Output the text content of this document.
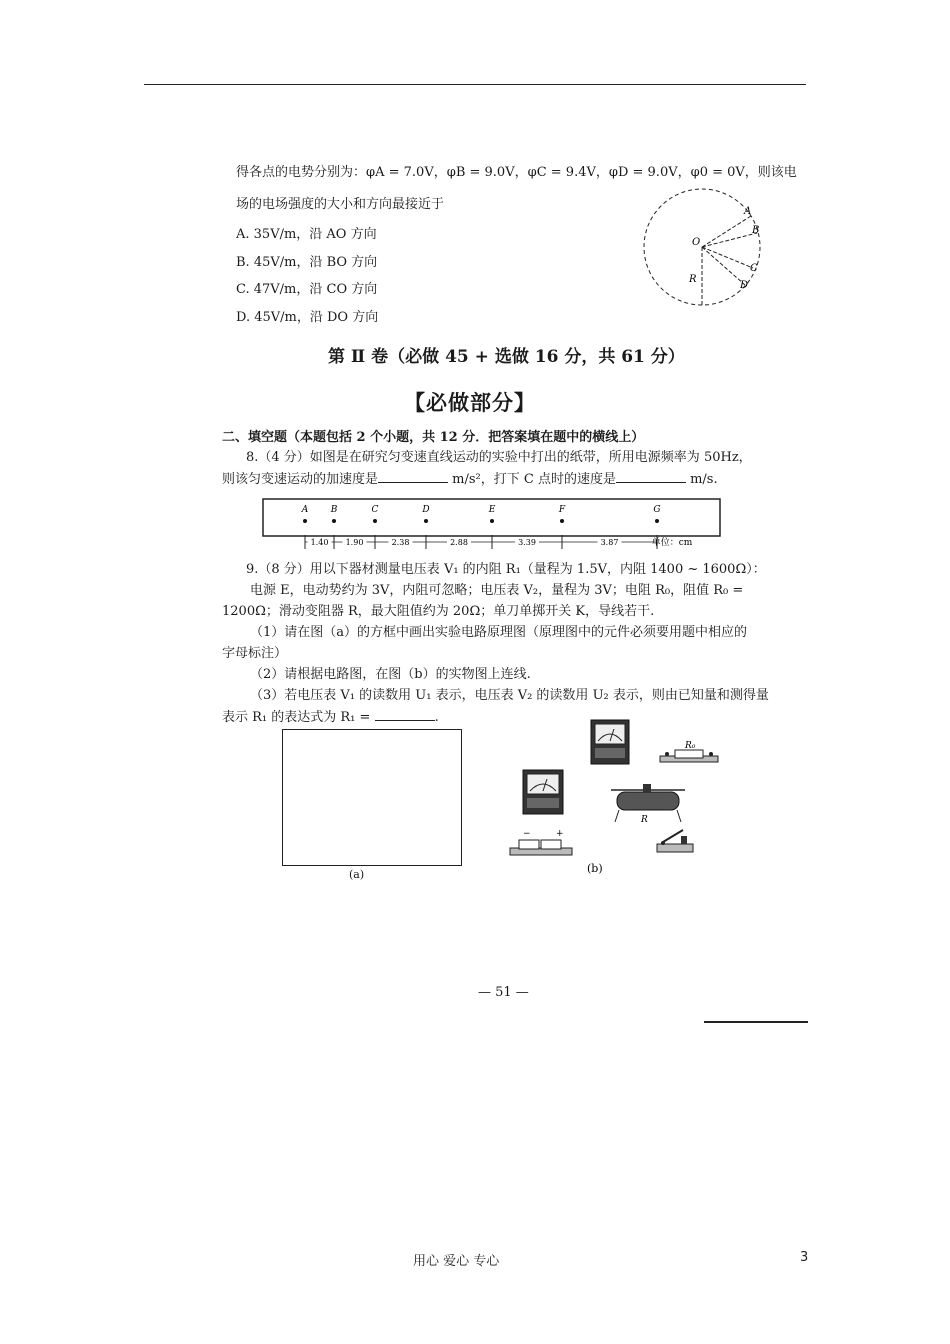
得各点的电势分别为：φA = 7.0V，φB = 9.0V，φC = 9.4V，φD = 9.0V，φ0 = 0V，则该电
场的电场强度的大小和方向最接近于
A. 35V/m，沿 AO 方向
B. 45V/m，沿 BO 方向
C. 47V/m，沿 CO 方向
D. 45V/m，沿 DO 方向
O
A
B
C
D
R
第 Ⅱ 卷（必做 45 + 选做 16 分，共 61 分）
【必做部分】
二、填空题（本题包括 2 个小题，共 12 分．把答案填在题中的横线上）
8.（4 分）如图是在研究匀变速直线运动的实验中打出的纸带，所用电源频率为 50Hz，
则该匀变速运动的加速度是	m/s²，打下 C 点时的速度是	m/s.
A B	C	D	E	F	G
1.40 1.90	2.38	2.88	3.39	3.87	单位：cm
9.（8 分）用以下器材测量电压表 V₁ 的内阻 R₁（量程为 1.5V，内阻 1400 ~ 1600Ω）：
电源 E，电动势约为 3V，内阻可忽略；电压表 V₂，量程为 3V；电阻 R₀，阻值 R₀ =
1200Ω；滑动变阻器 R，最大阻值约为 20Ω；单刀单掷开关 K，导线若干.
（1）请在图（a）的方框中画出实验电路原理图（原理图中的元件必须要用题中相应的
字母标注）
（2）请根据电路图，在图（b）的实物图上连线.
（3）若电压表 V₁ 的读数用 U₁ 表示，电压表 V₂ 的读数用 U₂ 表示，则由已知量和测得量
表示 R₁ 的表达式为 R₁ =	.
(a)
R₀
R
−	+
(b)
— 51 —
用心 爱心 专心	3
